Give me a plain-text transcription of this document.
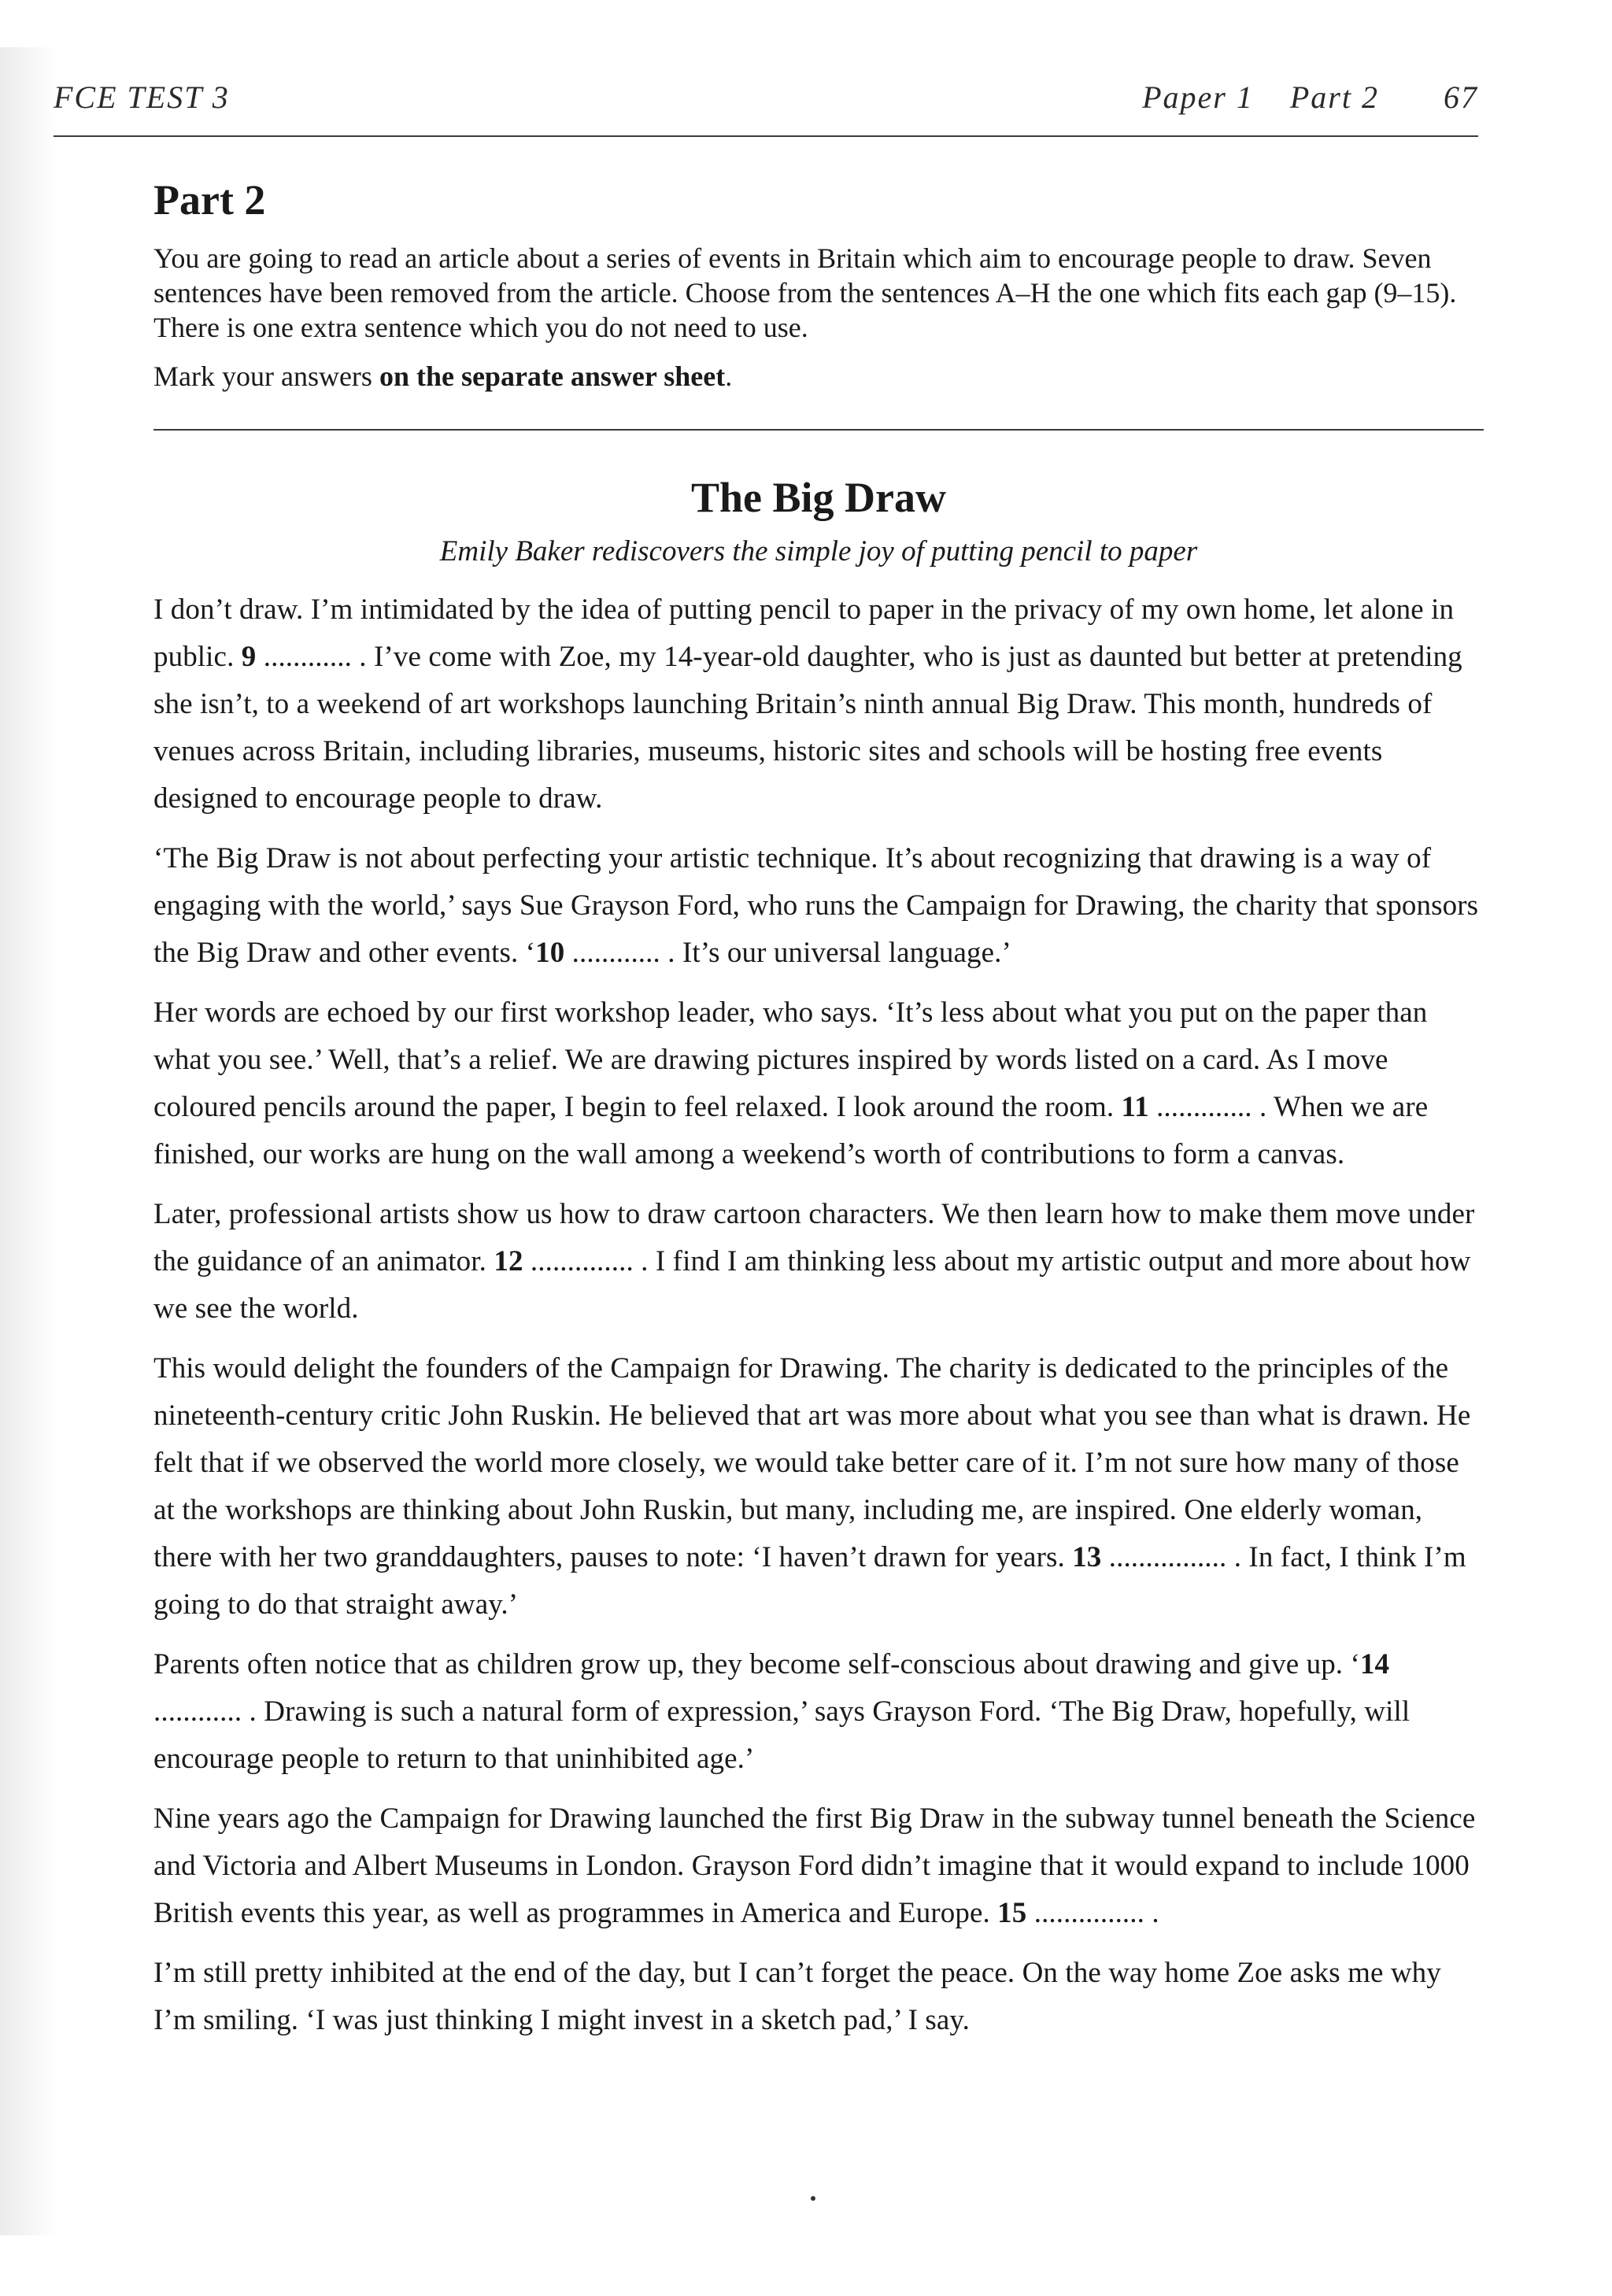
FCE TEST 3	Paper 1 Part 2 67
Part 2

You are going to read an article about a series of events in Britain which aim to encourage people to draw. Seven sentences have been removed from the article. Choose from the sentences A–H the one which fits each gap (9–15). There is one extra sentence which you do not need to use.

Mark your answers on the separate answer sheet.

The Big Draw

Emily Baker rediscovers the simple joy of putting pencil to paper

I don’t draw. I’m intimidated by the idea of putting pencil to paper in the privacy of my own home, let alone in public. 9 ............ . I’ve come with Zoe, my 14-year-old daughter, who is just as daunted but better at pretending she isn’t, to a weekend of art workshops launching Britain’s ninth annual Big Draw. This month, hundreds of venues across Britain, including libraries, museums, historic sites and schools will be hosting free events designed to encourage people to draw.

‘The Big Draw is not about perfecting your artistic technique. It’s about recognizing that drawing is a way of engaging with the world,’ says Sue Grayson Ford, who runs the Campaign for Drawing, the charity that sponsors the Big Draw and other events. ‘10 ............ . It’s our universal language.’

Her words are echoed by our first workshop leader, who says. ‘It’s less about what you put on the paper than what you see.’ Well, that’s a relief. We are drawing pictures inspired by words listed on a card. As I move coloured pencils around the paper, I begin to feel relaxed. I look around the room. 11 ............. . When we are finished, our works are hung on the wall among a weekend’s worth of contributions to form a canvas.

Later, professional artists show us how to draw cartoon characters. We then learn how to make them move under the guidance of an animator. 12 .............. . I find I am thinking less about my artistic output and more about how we see the world.

This would delight the founders of the Campaign for Drawing. The charity is dedicated to the principles of the nineteenth-century critic John Ruskin. He believed that art was more about what you see than what is drawn. He felt that if we observed the world more closely, we would take better care of it. I’m not sure how many of those at the workshops are thinking about John Ruskin, but many, including me, are inspired. One elderly woman, there with her two granddaughters, pauses to note: ‘I haven’t drawn for years. 13 ................ . In fact, I think I’m going to do that straight away.’

Parents often notice that as children grow up, they become self-conscious about drawing and give up. ‘14 ............ . Drawing is such a natural form of expression,’ says Grayson Ford. ‘The Big Draw, hopefully, will encourage people to return to that uninhibited age.’

Nine years ago the Campaign for Drawing launched the first Big Draw in the subway tunnel beneath the Science and Victoria and Albert Museums in London. Grayson Ford didn’t imagine that it would expand to include 1000 British events this year, as well as programmes in America and Europe. 15 ............... .

I’m still pretty inhibited at the end of the day, but I can’t forget the peace. On the way home Zoe asks me why I’m smiling. ‘I was just thinking I might invest in a sketch pad,’ I say.
